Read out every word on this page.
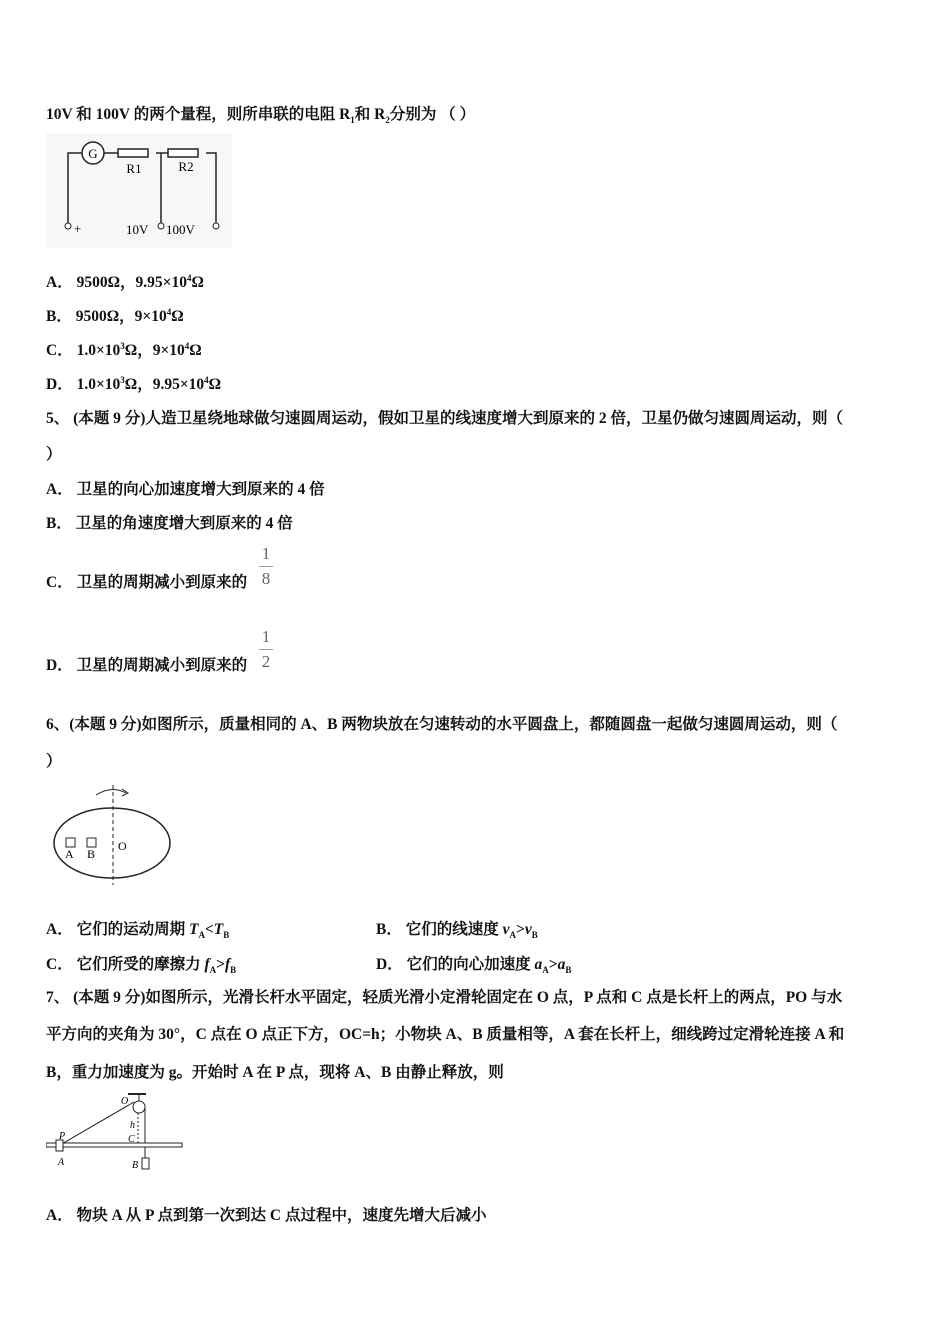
10V 和 100V 的两个量程，则所串联的电阻 $R_1$和 $R_2$分别为 （ ）
G
R1	R2
+	10V 100V
A． 9500Ω，$9.95\times 10^4\Omega$
B． 9500Ω，$9\times 10^4\Omega$
C． $1.0\times 10^3\Omega$，$9\times 10^4\Omega$
D． $1.0\times 10^3\Omega$，$9.95\times 10^4\Omega$
5、 (本题 9 分)人造卫星绕地球做匀速圆周运动，假如卫星的线速度增大到原来的 2 倍，卫星仍做匀速圆周运动，则（
）
A． 卫星的向心加速度增大到原来的 4 倍
B． 卫星的角速度增大到原来的 4 倍
C． 卫星的周期减小到原来的
1
8
D． 卫星的周期减小到原来的
1
2
6、(本题 9 分)如图所示，质量相同的 A、B 两物块放在匀速转动的水平圆盘上，都随圆盘一起做匀速圆周运动，则（
）
A B
O
A． 它们的运动周期 $T_A<T_B$	B． 它们的线速度 $v_A>v_B$
C． 它们所受的摩擦力 $f_A>f_B$	D． 它们的向心加速度 $a_A>a_B$
7、 (本题 9 分)如图所示，光滑长杆水平固定，轻质光滑小定滑轮固定在 O 点，P 点和 C 点是长杆上的两点，PO 与水
平方向的夹角为 30°，C 点在 O 点正下方，OC=h；小物块 A、B 质量相等，A 套在长杆上，细线跨过定滑轮连接 A 和
B，重力加速度为 g。开始时 A 在 P 点，现将 A、B 由静止释放，则
O
P
h
C
A	B
A． 物块 A 从 P 点到第一次到达 C 点过程中，速度先增大后减小
